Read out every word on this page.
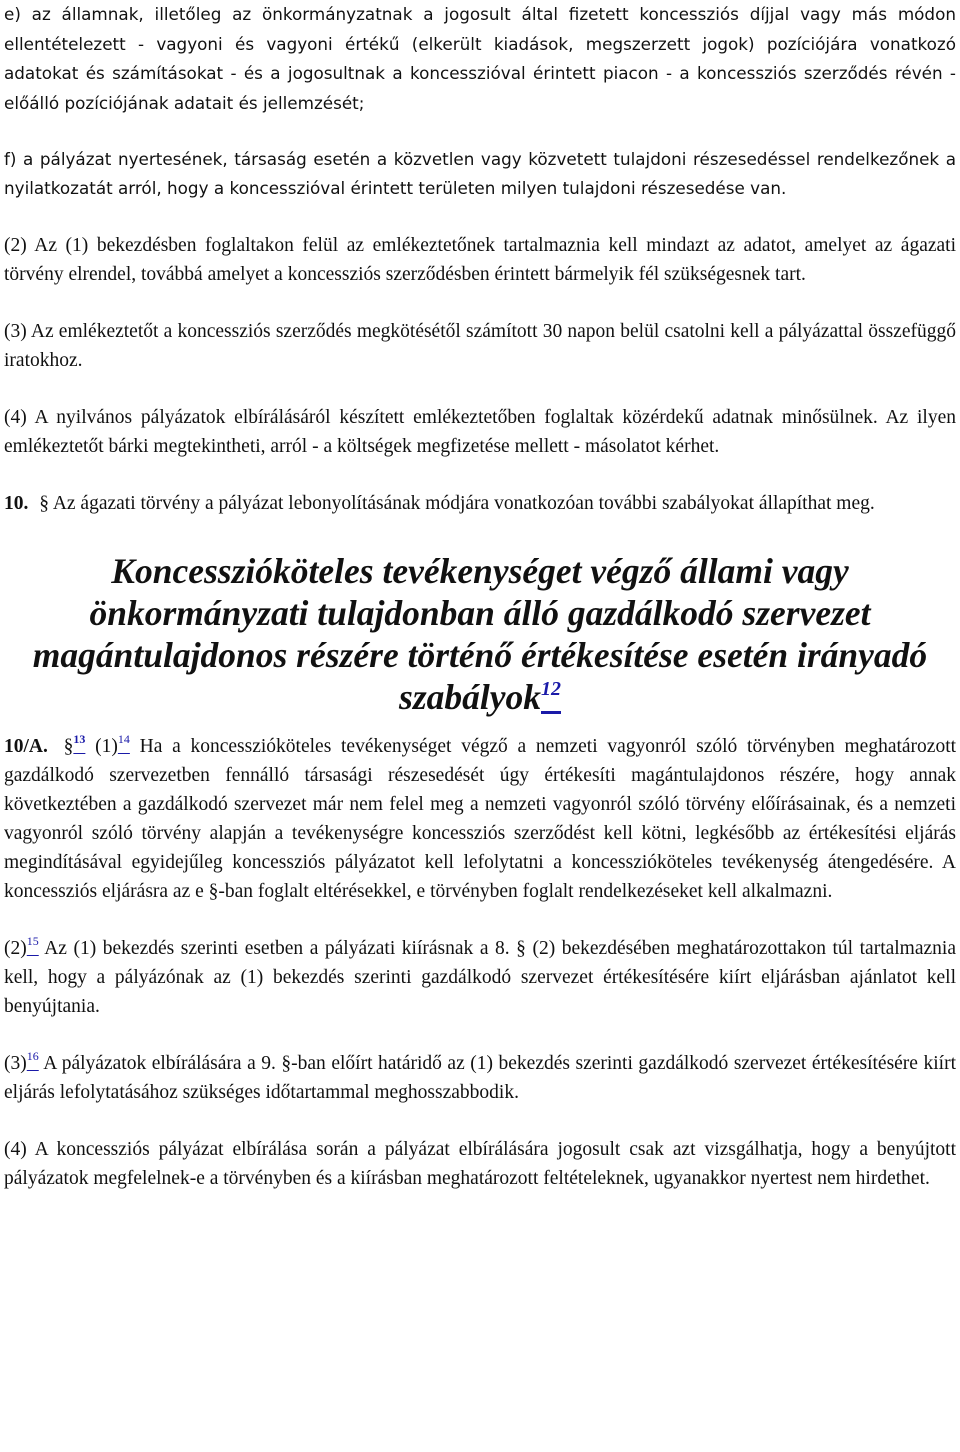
e) az államnak, illetőleg az önkormányzatnak a jogosult által fizetett koncessziós díjjal vagy más módon ellentételezett - vagyoni és vagyoni értékű (elkerült kiadások, megszerzett jogok) pozíciójára vonatkozó adatokat és számításokat - és a jogosultnak a koncesszióval érintett piacon - a koncessziós szerződés révén - előálló pozíciójának adatait és jellemzését;

f) a pályázat nyertesének, társaság esetén a közvetlen vagy közvetett tulajdoni részesedéssel rendelkezőnek a nyilatkozatát arról, hogy a koncesszióval érintett területen milyen tulajdoni részesedése van.

(2) Az (1) bekezdésben foglaltakon felül az emlékeztetőnek tartalmaznia kell mindazt az adatot, amelyet az ágazati törvény elrendel, továbbá amelyet a koncessziós szerződésben érintett bármelyik fél szükségesnek tart.

(3) Az emlékeztetőt a koncessziós szerződés megkötésétől számított 30 napon belül csatolni kell a pályázattal összefüggő iratokhoz.

(4) A nyilvános pályázatok elbírálásáról készített emlékeztetőben foglaltak közérdekű adatnak minősülnek. Az ilyen emlékeztetőt bárki megtekintheti, arról - a költségek megfizetése mellett - másolatot kérhet.

10. § Az ágazati törvény a pályázat lebonyolításának módjára vonatkozóan további szabályokat állapíthat meg.

Koncesszióköteles tevékenységet végző állami vagy
önkormányzati tulajdonban álló gazdálkodó szervezet
magántulajdonos részére történő értékesítése esetén irányadó
szabályok$^{12}$

10/A. §$^{13}$ (1)$^{14}$ Ha a koncesszióköteles tevékenységet végző a nemzeti vagyonról szóló törvényben meghatározott gazdálkodó szervezetben fennálló társasági részesedését úgy értékesíti magántulajdonos részére, hogy annak következtében a gazdálkodó szervezet már nem felel meg a nemzeti vagyonról szóló törvény előírásainak, és a nemzeti vagyonról szóló törvény alapján a tevékenységre koncessziós szerződést kell kötni, legkésőbb az értékesítési eljárás megindításával egyidejűleg koncessziós pályázatot kell lefolytatni a koncesszióköteles tevékenység átengedésére. A koncessziós eljárásra az e §-ban foglalt eltérésekkel, e törvényben foglalt rendelkezéseket kell alkalmazni.

(2)$^{15}$ Az (1) bekezdés szerinti esetben a pályázati kiírásnak a 8. § (2) bekezdésében meghatározottakon túl tartalmaznia kell, hogy a pályázónak az (1) bekezdés szerinti gazdálkodó szervezet értékesítésére kiírt eljárásban ajánlatot kell benyújtania.

(3)$^{16}$ A pályázatok elbírálására a 9. §-ban előírt határidő az (1) bekezdés szerinti gazdálkodó szervezet értékesítésére kiírt eljárás lefolytatásához szükséges időtartammal meghosszabbodik.

(4) A koncessziós pályázat elbírálása során a pályázat elbírálására jogosult csak azt vizsgálhatja, hogy a benyújtott pályázatok megfelelnek-e a törvényben és a kiírásban meghatározott feltételeknek, ugyanakkor nyertest nem hirdethet.
